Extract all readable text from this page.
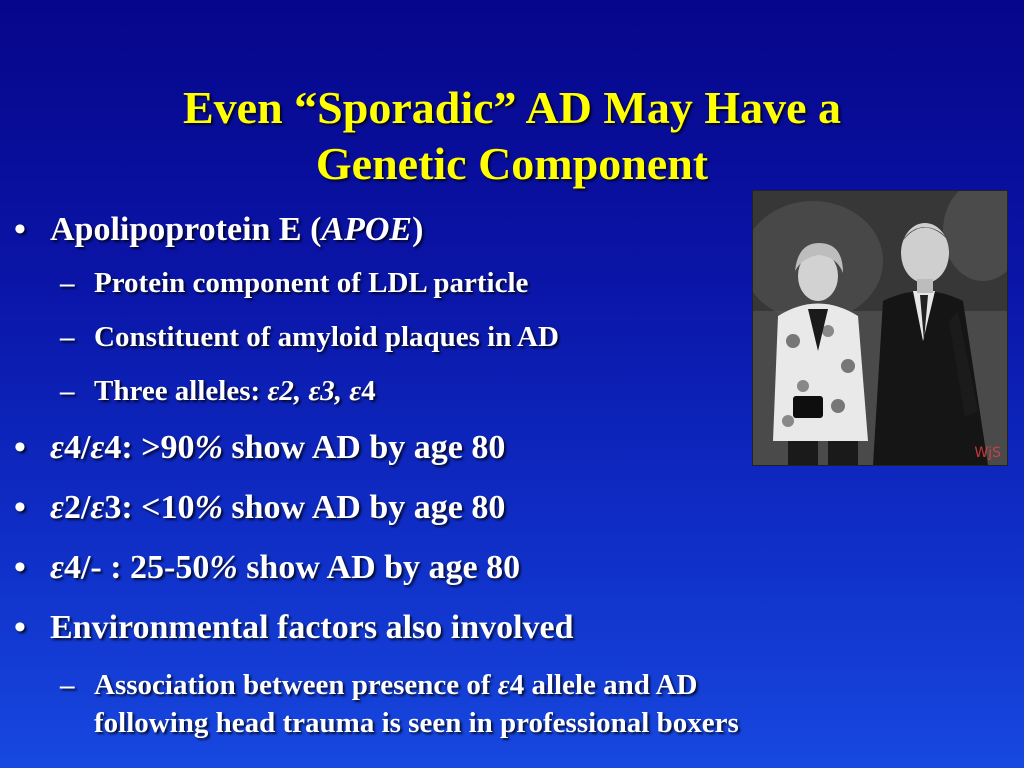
Even “Sporadic” AD May Have a
Genetic Component
WjS
• Apolipoprotein E (APOE)
– Protein component of LDL particle
– Constituent of amyloid plaques in AD
– Three alleles: ε2, ε3, ε4
• ε4/ε4: >90% show AD by age 80
• ε2/ε3: <10% show AD by age 80
• ε4/- : 25-50% show AD by age 80
• Environmental factors also involved
– Association between presence of ε4 allele and AD
following head trauma is seen in professional boxers
